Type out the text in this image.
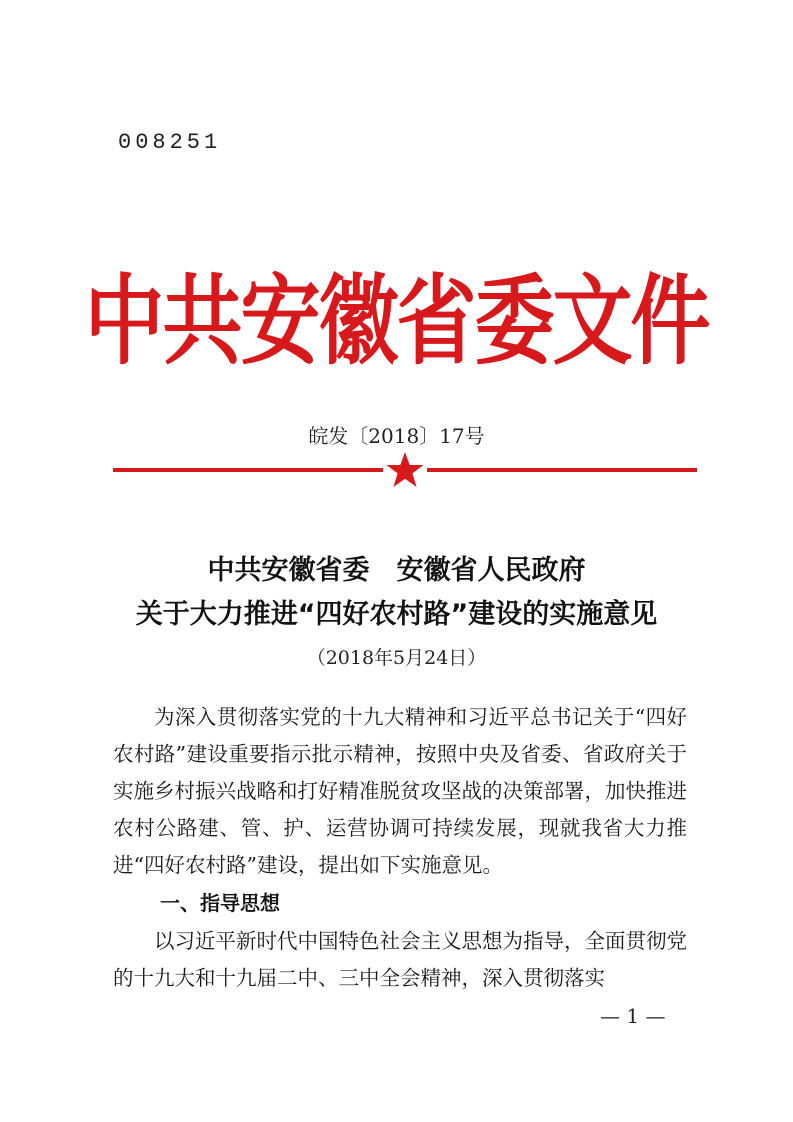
008251
中共安徽省委文件
皖发〔2018〕17号
中共安徽省委　安徽省人民政府
关于大力推进“四好农村路”建设的实施意见
（2018年5月24日）
为深入贯彻落实党的十九大精神和习近平总书记关于“四好农村路”建设重要指示批示精神，按照中央及省委、省政府关于实施乡村振兴战略和打好精准脱贫攻坚战的决策部署，加快推进农村公路建、管、护、运营协调可持续发展，现就我省大力推进“四好农村路”建设，提出如下实施意见。
一、指导思想
以习近平新时代中国特色社会主义思想为指导，全面贯彻党的十九大和十九届二中、三中全会精神，深入贯彻落实
— 1 —
